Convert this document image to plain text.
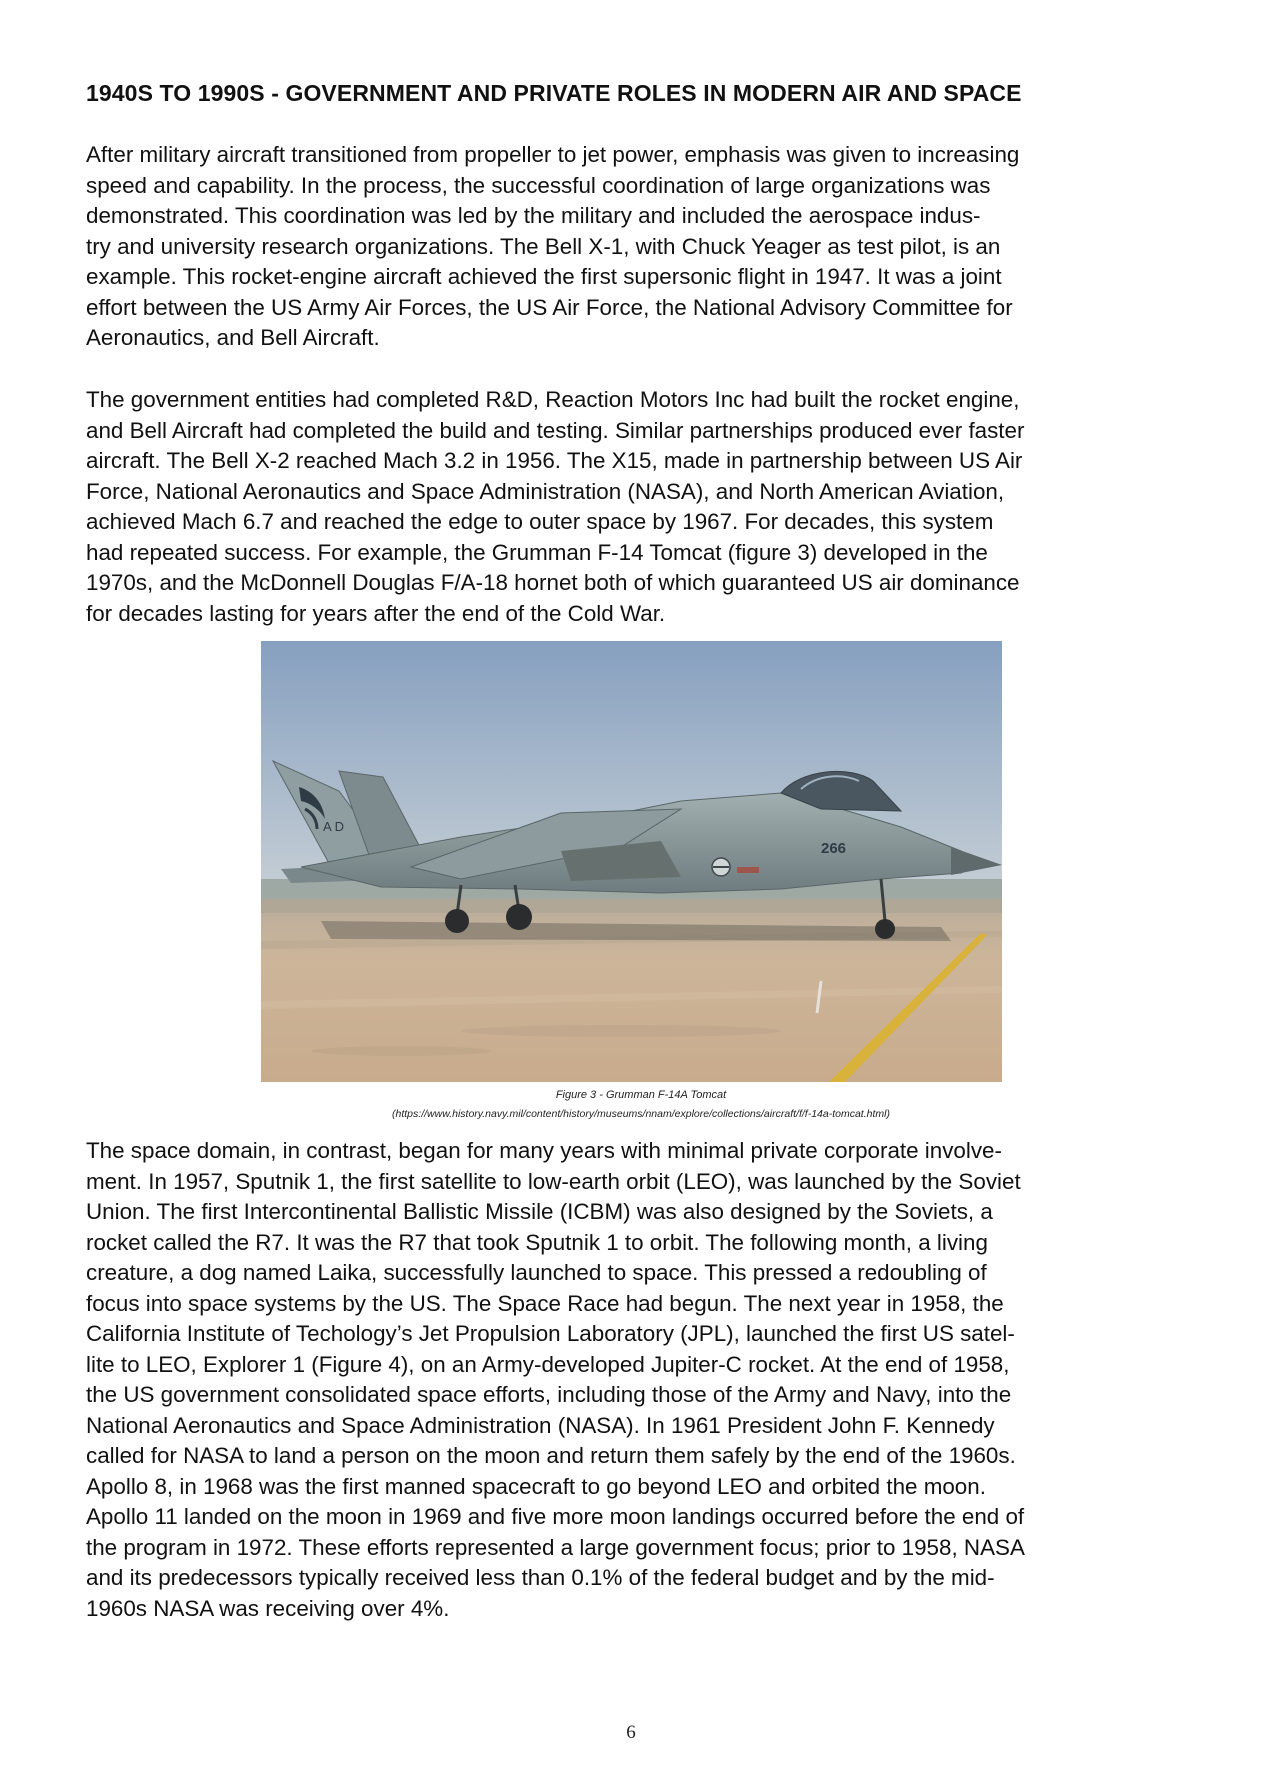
1940S TO 1990S - GOVERNMENT AND PRIVATE ROLES IN MODERN AIR AND SPACE

After military aircraft transitioned from propeller to jet power, emphasis was given to increasing
speed and capability. In the process, the successful coordination of large organizations was
demonstrated. This coordination was led by the military and included the aerospace indus-
try and university research organizations. The Bell X-1, with Chuck Yeager as test pilot, is an
example. This rocket-engine aircraft achieved the first supersonic flight in 1947. It was a joint
effort between the US Army Air Forces, the US Air Force, the National Advisory Committee for
Aeronautics, and Bell Aircraft.

The government entities had completed R&D, Reaction Motors Inc had built the rocket engine,
and Bell Aircraft had completed the build and testing. Similar partnerships produced ever faster
aircraft. The Bell X-2 reached Mach 3.2 in 1956. The X15, made in partnership between US Air
Force, National Aeronautics and Space Administration (NASA), and North American Aviation,
achieved Mach 6.7 and reached the edge to outer space by 1967. For decades, this system
had repeated success. For example, the Grumman F-14 Tomcat (figure 3) developed in the
1970s, and the McDonnell Douglas F/A-18 hornet both of which guaranteed US air dominance
for decades lasting for years after the end of the Cold War.

A D
266
Figure 3 - Grumman F-14A Tomcat
(https://www.history.navy.mil/content/history/museums/nnam/explore/collections/aircraft/f/f-14a-tomcat.html)

The space domain, in contrast, began for many years with minimal private corporate involve-
ment. In 1957, Sputnik 1, the first satellite to low-earth orbit (LEO), was launched by the Soviet
Union. The first Intercontinental Ballistic Missile (ICBM) was also designed by the Soviets, a
rocket called the R7. It was the R7 that took Sputnik 1 to orbit. The following month, a living
creature, a dog named Laika, successfully launched to space. This pressed a redoubling of
focus into space systems by the US. The Space Race had begun. The next year in 1958, the
California Institute of Techology’s Jet Propulsion Laboratory (JPL), launched the first US satel-
lite to LEO, Explorer 1 (Figure 4), on an Army-developed Jupiter-C rocket. At the end of 1958,
the US government consolidated space efforts, including those of the Army and Navy, into the
National Aeronautics and Space Administration (NASA). In 1961 President John F. Kennedy
called for NASA to land a person on the moon and return them safely by the end of the 1960s.
Apollo 8, in 1968 was the first manned spacecraft to go beyond LEO and orbited the moon.
Apollo 11 landed on the moon in 1969 and five more moon landings occurred before the end of
the program in 1972. These efforts represented a large government focus; prior to 1958, NASA
and its predecessors typically received less than 0.1% of the federal budget and by the mid-
1960s NASA was receiving over 4%.

6
